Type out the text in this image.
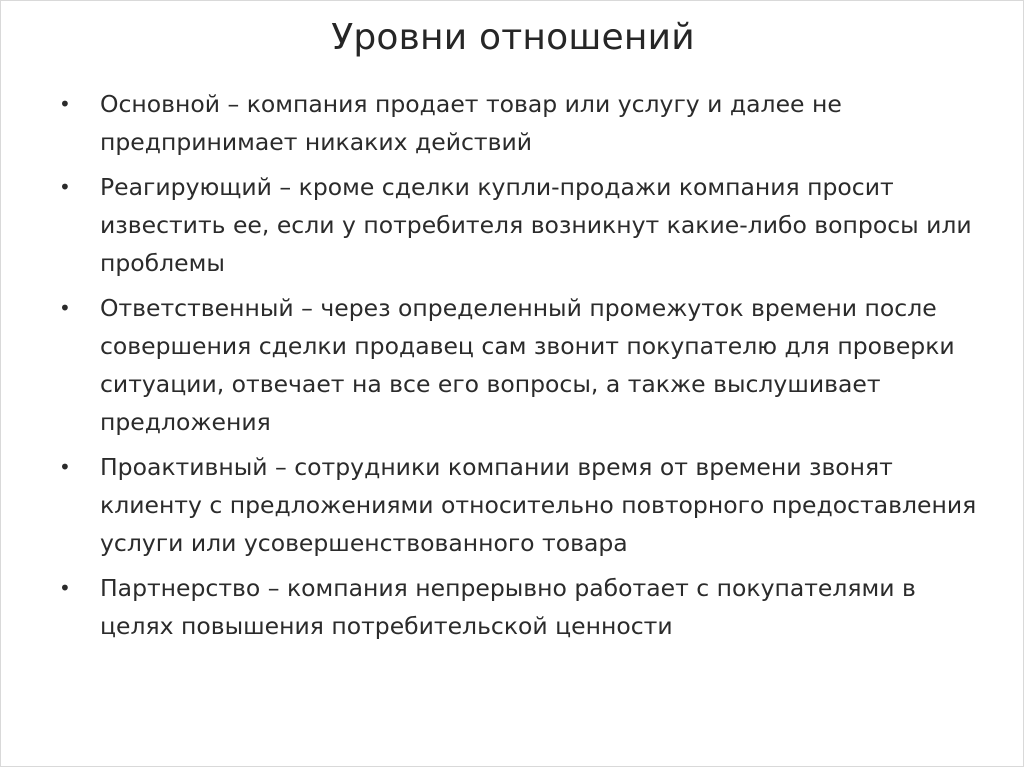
Уровни отношений
• Основной – компания продает товар или услугу и далее не предпринимает никаких действий
• Реагирующий – кроме сделки купли-продажи компания просит известить ее, если у потребителя возникнут какие-либо вопросы или проблемы
• Ответственный – через определенный промежуток времени после совершения сделки продавец сам звонит покупателю для проверки ситуации, отвечает на все его вопросы, а также выслушивает предложения
• Проактивный – сотрудники компании время от времени звонят клиенту с предложениями относительно повторного предоставления услуги или усовершенствованного товара
• Партнерство – компания непрерывно работает с покупателями в целях повышения потребительской ценности
